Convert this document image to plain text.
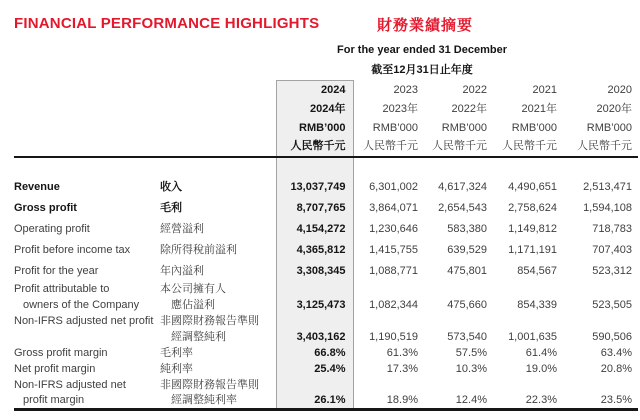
FINANCIAL PERFORMANCE HIGHLIGHTS	財務業績摘要
For the year ended 31 December
截至12月31日止年度
		2024	2023	2022	2021	2020
		2024年	2023年	2022年	2021年	2020年
		RMB’000	RMB’000	RMB’000	RMB’000	RMB’000
		人民幣千元	人民幣千元	人民幣千元	人民幣千元	人民幣千元

Revenue	收入	13,037,749	6,301,002	4,617,324	4,490,651	2,513,471
Gross profit	毛利	8,707,765	3,864,071	2,654,543	2,758,624	1,594,108
Operating profit	經營溢利	4,154,272	1,230,646	583,380	1,149,812	718,783
Profit before income tax	除所得稅前溢利	4,365,812	1,415,755	639,529	1,171,191	707,403
Profit for the year	年內溢利	3,308,345	1,088,771	475,801	854,567	523,312
Profit attributable to	本公司擁有人					
owners of the Company	應佔溢利	3,125,473	1,082,344	475,660	854,339	523,505
Non-IFRS adjusted net profit	非國際財務報告準則					
	經調整純利	3,403,162	1,190,519	573,540	1,001,635	590,506
Gross profit margin	毛利率	66.8%	61.3%	57.5%	61.4%	63.4%
Net profit margin	純利率	25.4%	17.3%	10.3%	19.0%	20.8%
Non-IFRS adjusted net	非國際財務報告準則					
profit margin	經調整純利率	26.1%	18.9%	12.4%	22.3%	23.5%
